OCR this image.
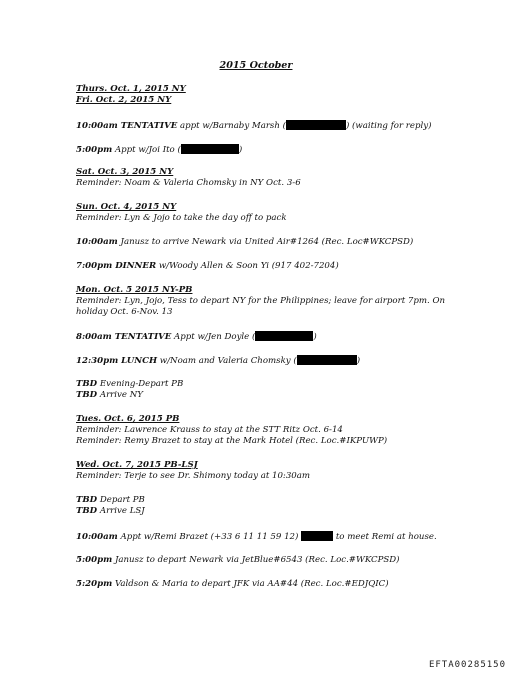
2015 October
Thurs. Oct. 1, 2015 NY
Fri. Oct. 2, 2015 NY
10:00am TENTATIVE appt w/Barnaby Marsh (	) (waiting for reply)
5:00pm Appt w/Joi Ito (	)
Sat. Oct. 3, 2015 NY
Reminder: Noam & Valeria Chomsky in NY Oct. 3-6
Sun. Oct. 4, 2015 NY
Reminder: Lyn & Jojo to take the day off to pack
10:00am Janusz to arrive Newark via United Air#1264 (Rec. Loc#WKCPSD)
7:00pm DINNER w/Woody Allen & Soon Yi (917 402-7204)
Mon. Oct. 5 2015 NY-PB
Reminder: Lyn, Jojo, Tess to depart NY for the Philippines; leave for airport 7pm. On
holiday Oct. 6-Nov. 13
8:00am TENTATIVE Appt w/Jen Doyle (	)
12:30pm LUNCH w/Noam and Valeria Chomsky (	)
TBD Evening-Depart PB
TBD Arrive NY
Tues. Oct. 6, 2015 PB
Reminder: Lawrence Krauss to stay at the STT Ritz Oct. 6-14
Reminder: Remy Brazet to stay at the Mark Hotel (Rec. Loc.#IKPUWP)
Wed. Oct. 7, 2015 PB-LSJ
Reminder: Terje to see Dr. Shimony today at 10:30am
TBD Depart PB
TBD Arrive LSJ
10:00am Appt w/Remi Brazet (+33 6 11 11 59 12)	to meet Remi at house.
5:00pm Janusz to depart Newark via JetBlue#6543 (Rec. Loc.#WKCPSD)
5:20pm Valdson & Maria to depart JFK via AA#44 (Rec. Loc.#EDJQIC)
EFTA00285150
